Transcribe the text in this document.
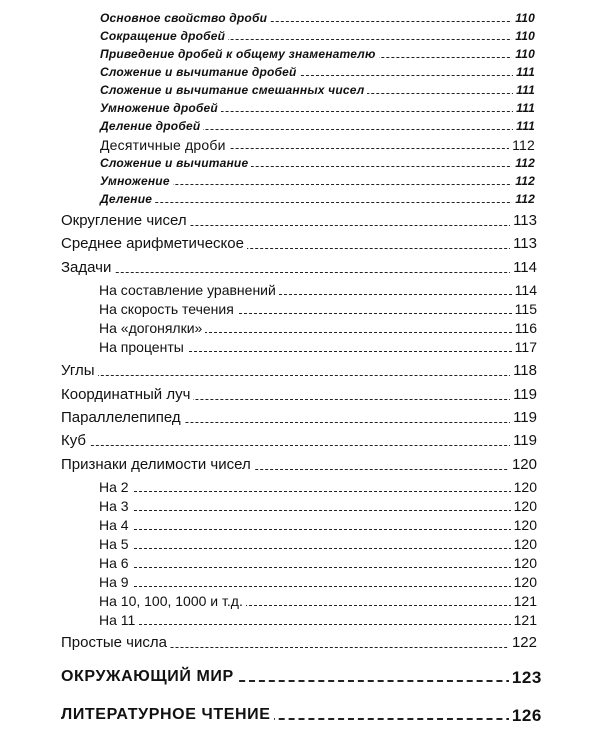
Основное свойство дроби	110
Сокращение дробей	110
Приведение дробей к общему знаменателю	110
Сложение и вычитание дробей	111
Сложение и вычитание смешанных чисел	111
Умножение дробей	111
Деление дробей	111
Десятичные дроби	112
Сложение и вычитание	112
Умножение	112
Деление	112
Округление чисел	113
Среднее арифметическое	113
Задачи	114
На составление уравнений	114
На скорость течения	115
На «догонялки»	116
На проценты	117
Углы	118
Координатный луч	119
Параллелепипед	119
Куб	119
Признаки делимости чисел	120
На 2	120
На 3	120
На 4	120
На 5	120
На 6	120
На 9	120
На 10, 100, 1000 и т.д.	121
На 11	121
Простые числа	122
ОКРУЖАЮЩИЙ МИР	123
ЛИТЕРАТУРНОЕ ЧТЕНИЕ	126
